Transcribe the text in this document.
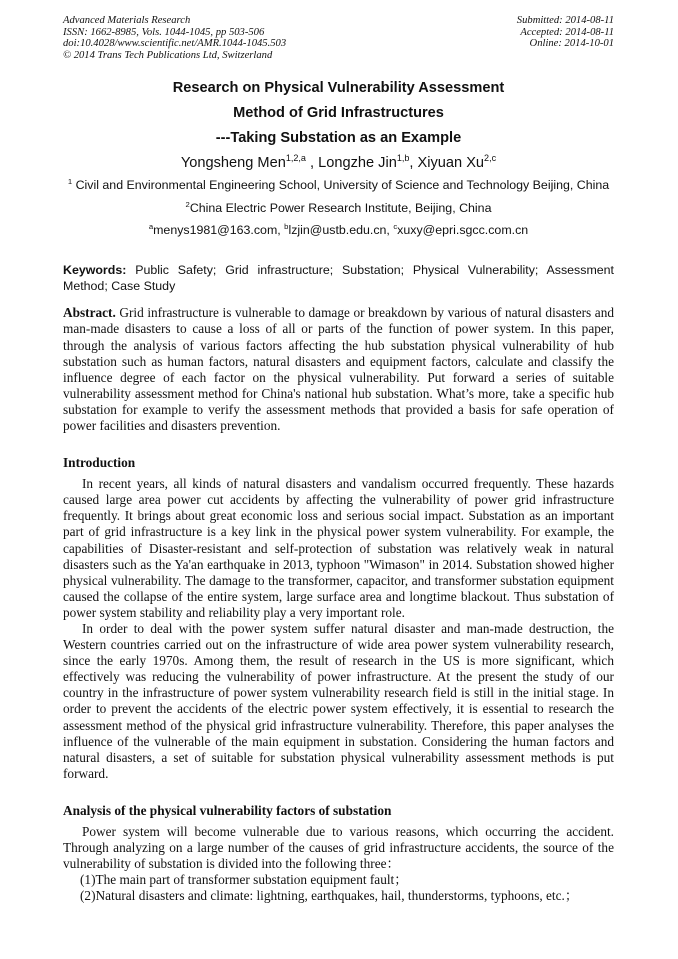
Advanced Materials Research
ISSN: 1662-8985, Vols. 1044-1045, pp 503-506
doi:10.4028/www.scientific.net/AMR.1044-1045.503
© 2014 Trans Tech Publications Ltd, Switzerland
Submitted: 2014-08-11
Accepted: 2014-08-11
Online: 2014-10-01
Research on Physical Vulnerability Assessment
Method of Grid Infrastructures
---Taking Substation as an Example
Yongsheng Men$^{1,2,a}$ , Longzhe Jin$^{1,b}$, Xiyuan Xu$^{2,c}$
$^1$ Civil and Environmental Engineering School, University of Science and Technology Beijing, China
$^2$China Electric Power Research Institute, Beijing, China
$^a$menys1981@163.com, $^b$lzjin@ustb.edu.cn, $^c$xuxy@epri.sgcc.com.cn
Keywords: Public Safety; Grid infrastructure; Substation; Physical Vulnerability; Assessment Method; Case Study

Abstract. Grid infrastructure is vulnerable to damage or breakdown by various of natural disasters and man-made disasters to cause a loss of all or parts of the function of power system. In this paper, through the analysis of various factors affecting the hub substation physical vulnerability of hub substation such as human factors, natural disasters and equipment factors, calculate and classify the influence degree of each factor on the physical vulnerability. Put forward a series of suitable vulnerability assessment method for China's national hub substation. What’s more, take a specific hub substation for example to verify the assessment methods that provided a basis for safe operation of power facilities and disasters prevention.

Introduction

In recent years, all kinds of natural disasters and vandalism occurred frequently. These hazards caused large area power cut accidents by affecting the vulnerability of power grid infrastructure frequently. It brings about great economic loss and serious social impact. Substation as an important part of grid infrastructure is a key link in the physical power system vulnerability. For example, the capabilities of Disaster-resistant and self-protection of substation was relatively weak in natural disasters such as the Ya'an earthquake in 2013, typhoon "Wimason" in 2014. Substation showed higher physical vulnerability. The damage to the transformer, capacitor, and transformer substation equipment caused the collapse of the entire system, large surface area and longtime blackout. Thus substation of power system stability and reliability play a very important role.

In order to deal with the power system suffer natural disaster and man-made destruction, the Western countries carried out on the infrastructure of wide area power system vulnerability research, since the early 1970s. Among them, the result of research in the US is more significant, which effectively was reducing the vulnerability of power infrastructure. At the present the study of our country in the infrastructure of power system vulnerability research field is still in the initial stage. In order to prevent the accidents of the electric power system effectively, it is essential to research the assessment method of the physical grid infrastructure vulnerability. Therefore, this paper analyses the influence of the vulnerable of the main equipment in substation. Considering the human factors and natural disasters, a set of suitable for substation physical vulnerability assessment methods is put forward.

Analysis of the physical vulnerability factors of substation

Power system will become vulnerable due to various reasons, which occurring the accident. Through analyzing on a large number of the causes of grid infrastructure accidents, the source of the vulnerability of substation is divided into the following three：

(1)The main part of transformer substation equipment fault；
(2)Natural disasters and climate: lightning, earthquakes, hail, thunderstorms, typhoons, etc.；
